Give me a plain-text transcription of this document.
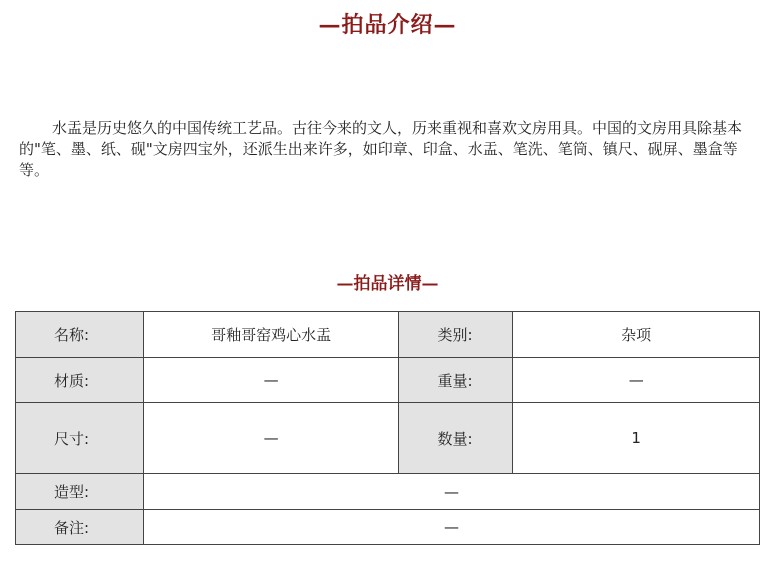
—拍品介绍—

水盂是历史悠久的中国传统工艺品。古往今来的文人，历来重视和喜欢文房用具。中国的文房用具除基本的"笔、墨、纸、砚"文房四宝外，还派生出来许多，如印章、印盒、水盂、笔洗、笔筒、镇尺、砚屏、墨盒等等。

—拍品详情—
名称:	哥釉哥窑鸡心水盂	类别:	杂项
材质:	—	重量:	—
尺寸:	—	数量:	1
造型:	—		
备注:	—		
